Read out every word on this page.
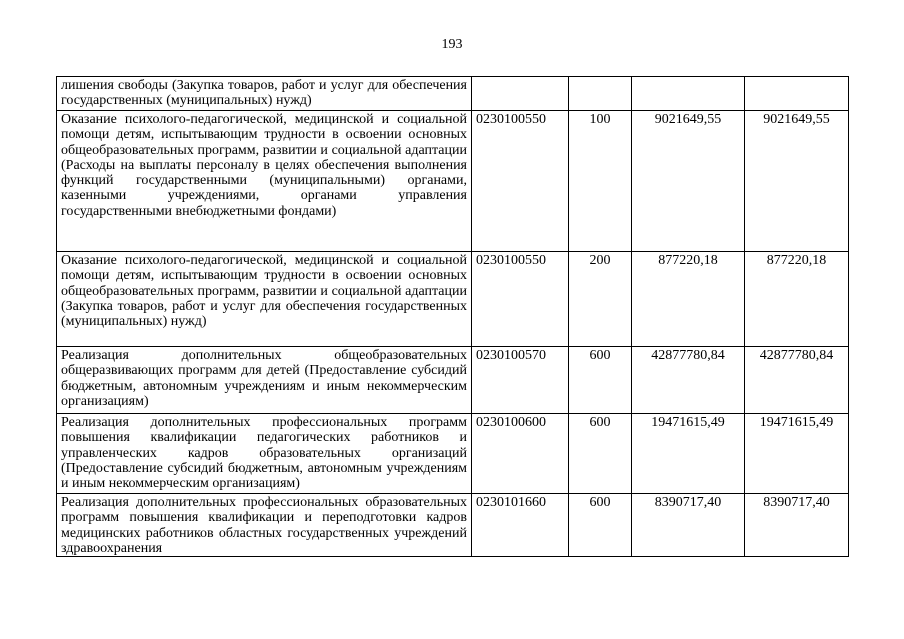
193
лишения свободы (Закупка товаров, работ и услуг для обеспечения государственных (муниципальных) нужд)				
Оказание психолого-педагогической, медицинской и социальной помощи детям, испытывающим трудности в освоении основных общеобразовательных программ, развитии и социальной адаптации (Расходы на выплаты персоналу в целях обеспечения выполнения функций государственными (муниципальными) органами, казенными учреждениями, органами управления государственными внебюджетными фондами)	0230100550	100	9021649,55	9021649,55
Оказание психолого-педагогической, медицинской и социальной помощи детям, испытывающим трудности в освоении основных общеобразовательных программ, развитии и социальной адаптации (Закупка товаров, работ и услуг для обеспечения государственных (муниципальных) нужд)	0230100550	200	877220,18	877220,18
Реализация дополнительных общеобразовательных общеразвивающих программ для детей (Предоставление субсидий бюджетным, автономным учреждениям и иным некоммерческим организациям)	0230100570	600	42877780,84	42877780,84
Реализация дополнительных профессиональных программ повышения квалификации педагогических работников и управленческих кадров образовательных организаций (Предоставление субсидий бюджетным, автономным учреждениям и иным некоммерческим организациям)	0230100600	600	19471615,49	19471615,49
Реализация дополнительных профессиональных образовательных программ повышения квалификации и переподготовки кадров медицинских работников областных государственных учреждений здравоохранения	0230101660	600	8390717,40	8390717,40
